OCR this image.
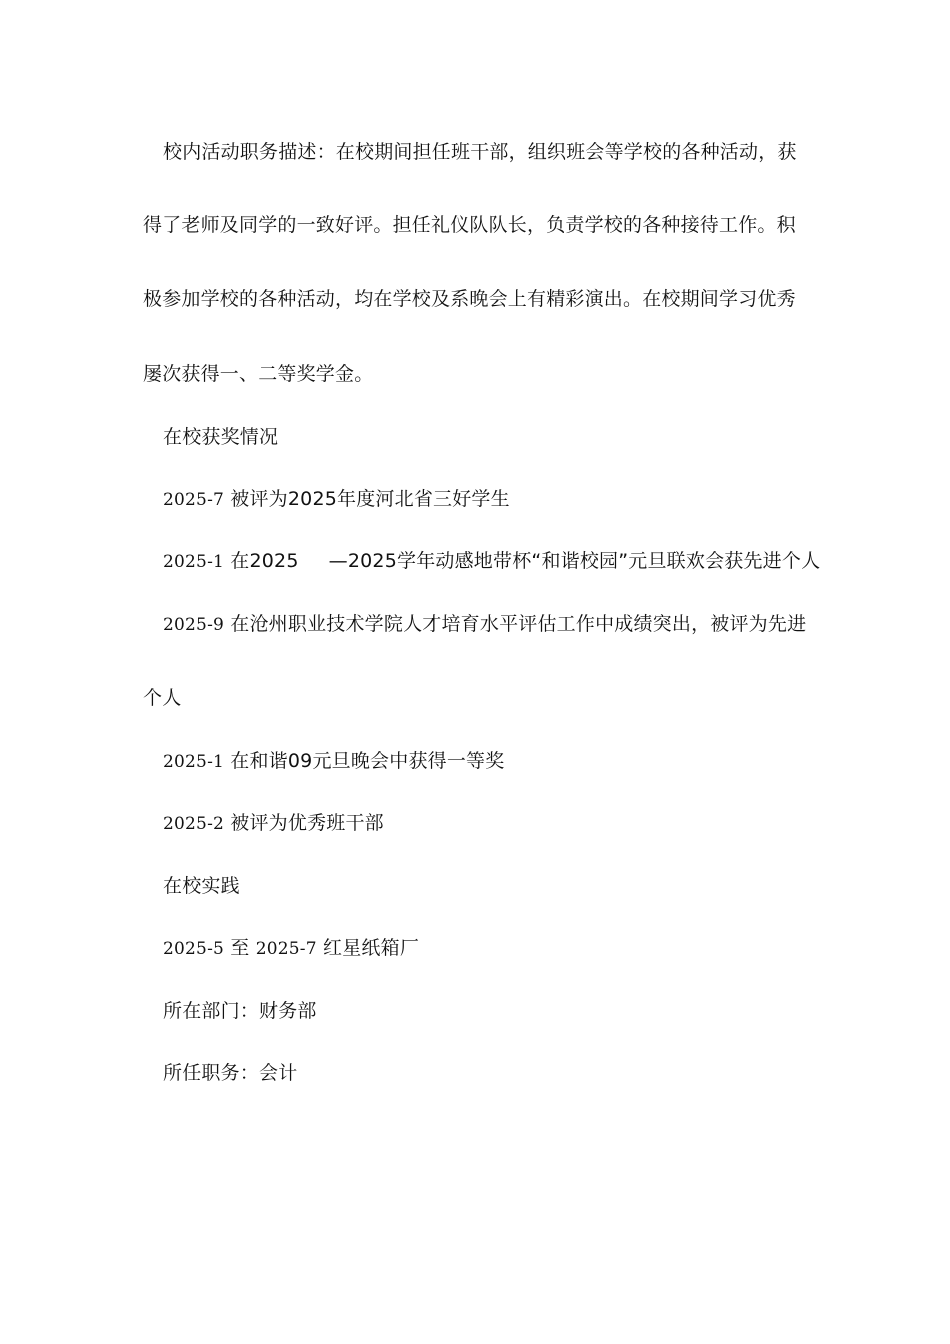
校内活动职务描述：在校期间担任班干部，组织班会等学校的各种活动，获
得了老师及同学的一致好评。担任礼仪队队长，负责学校的各种接待工作。积
极参加学校的各种活动，均在学校及系晚会上有精彩演出。在校期间学习优秀
屡次获得一、二等奖学金。
在校获奖情况
2025-7 被评为2025年度河北省三好学生
2025-1 在2025 —2025学年动感地带杯“和谐校园”元旦联欢会获先进个人
2025-9 在沧州职业技术学院人才培育水平评估工作中成绩突出，被评为先进
个人
2025-1 在和谐09元旦晚会中获得一等奖
2025-2 被评为优秀班干部
在校实践
2025-5 至 2025-7 红星纸箱厂
所在部门：财务部
所任职务：会计
